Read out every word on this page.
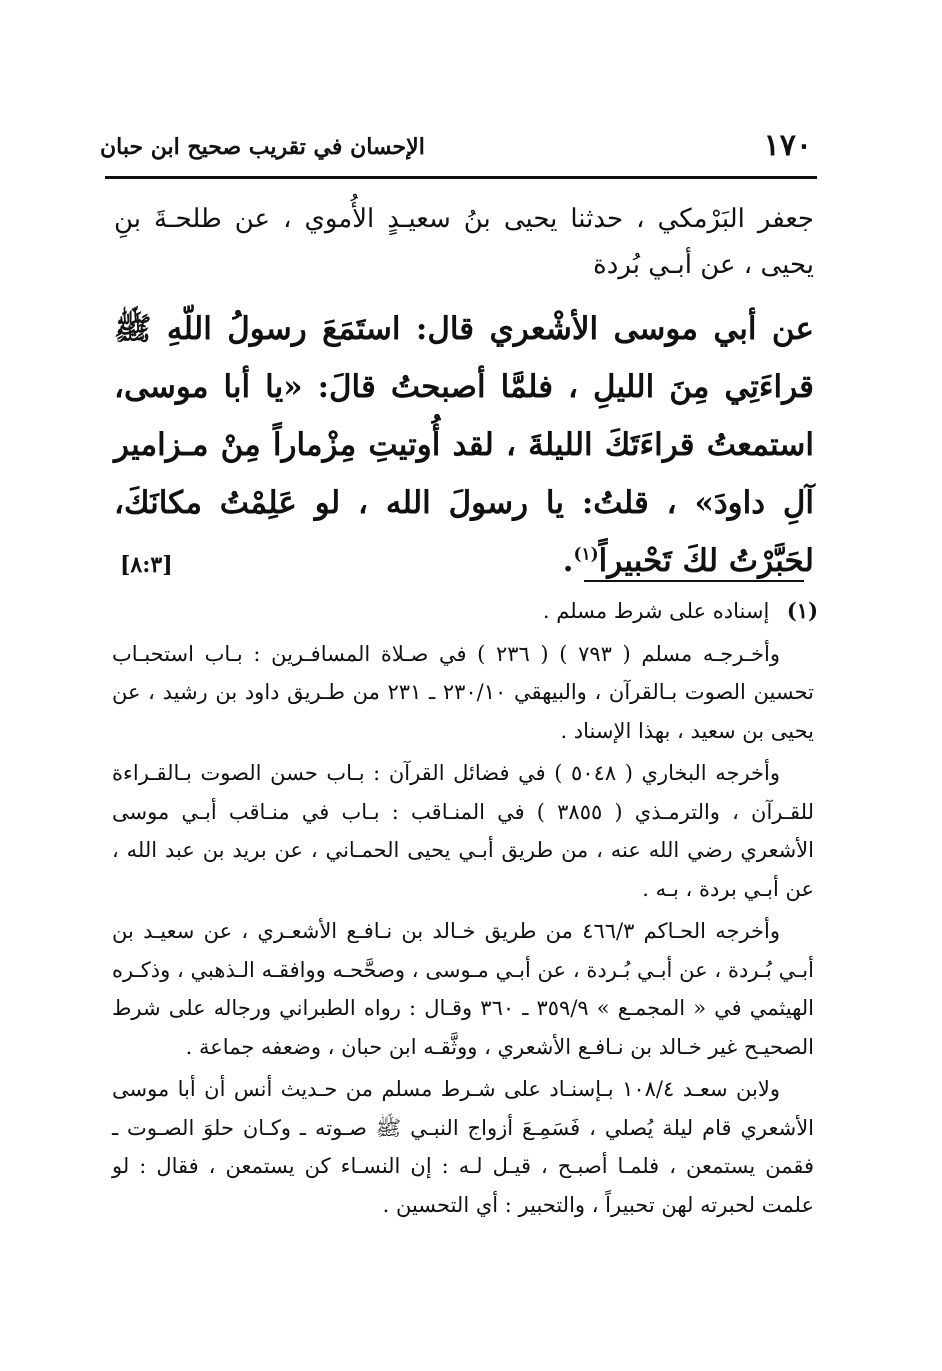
١٧٠
الإحسان في تقريب صحيح ابن حبان
جعفر البَرْمكي ، حدثنا يحيى بنُ سعيـدٍ الأُموي ، عن طلحـةَ بنِ يحيى ، عن أبـي بُردة
عن أبي موسى الأشْعري قال: استَمَعَ رسولُ اللّهِ ﷺ قراءَتِي مِنَ الليلِ ، فلمَّا أصبحتُ قالَ: «يا أبا موسى، استمعتُ قراءَتَكَ الليلةَ ، لقد أُوتيتِ مِزْماراً مِنْ مـزامير آلِ داودَ» ، قلتُ: يا رسولَ الله ، لو عَلِمْتُ مكانَكَ، لحَبَّرْتُ لكَ تَحْبيراً$^{(١)}$.
[٨:٣]

(١) إسناده على شرط مسلم .

وأخـرجـه مسلم ( ٧٩٣ ) ( ٢٣٦ ) في صـلاة المسافـرين : بـاب استحبـاب تحسين الصوت بـالقرآن ، والبيهقي ٢٣٠/١٠ ـ ٢٣١ من طـريق داود بن رشيد ، عن يحيى بن سعيد ، بهذا الإسناد .

وأخرجه البخاري ( ٥٠٤٨ ) في فضائل القرآن : بـاب حسن الصوت بـالقـراءة للقـرآن ، والترمـذي ( ٣٨٥٥ ) في المنـاقب : بـاب في منـاقب أبـي موسى الأشعري رضي الله عنه ، من طريق أبـي يحيى الحمـاني ، عن بريد بن عبد الله ، عن أبـي بردة ، بـه .

وأخرجه الحـاكم ٤٦٦/٣ من طريق خـالد بن نـافـع الأشعـري ، عن سعيـد بن أبـي بُـردة ، عن أبـي بُـردة ، عن أبـي مـوسى ، وصحَّحـه ووافقـه الـذهبي ، وذكـره الهيثمي في « المجمـع » ٣٥٩/٩ ـ ٣٦٠ وقـال : رواه الطبراني ورجاله على شرط الصحيـح غير خـالد بن نـافـع الأشعري ، ووثَّقـه ابن حبان ، وضعفه جماعة .

ولابن سعـد ١٠٨/٤ بـإسنـاد على شـرط مسلم من حـديث أنس أن أبا موسى الأشعري قام ليلة يُصلي ، فَسَمِـعَ أزواج النبـي ﷺ صـوته ـ وكـان حلوَ الصـوت ـ فقمن يستمعن ، فلمـا أصبـح ، قيـل لـه : إن النسـاء كن يستمعن ، فقال : لو علمت لحبرته لهن تحبيراً ، والتحبير : أي التحسين .
